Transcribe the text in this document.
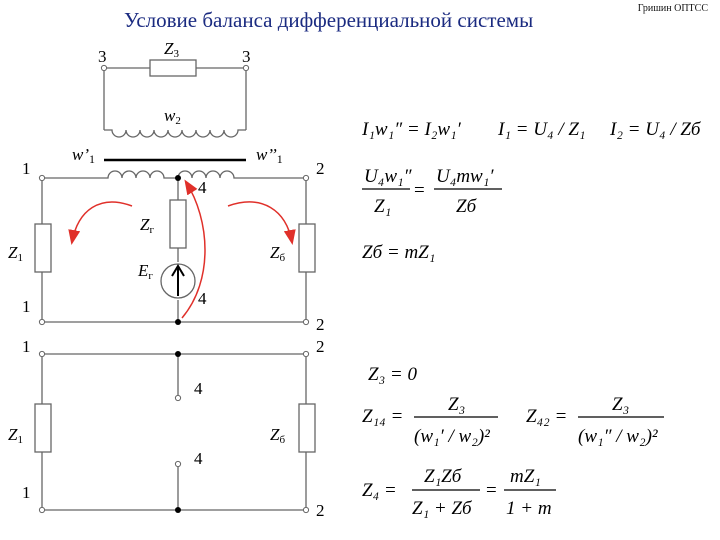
Условие баланса дифференциальной системы	Гришин ОПТСС
3	3
Z3
w2
w’1	w’’1
1	2
4
Z1	Zб
Zг
Eг
4
1
2
1	2
4
4
Z1	Zб
1
2
I₁w₁″ = I₂w₁′ I₁ = U₄ / Z₁ I₂ = U₄ / Zб
U₄w₁″
Z₁
=
U₄mw₁′
Zб
Zб = mZ₁
Z₃ = 0
Z₁₄ =
Z₃
(w₁′ / w₂)²
Z₄₂ =
Z₃
(w₁″ / w₂)²
Z₄ =
Z₁Zб
Z₁ + Zб
=
mZ₁
1 + m
